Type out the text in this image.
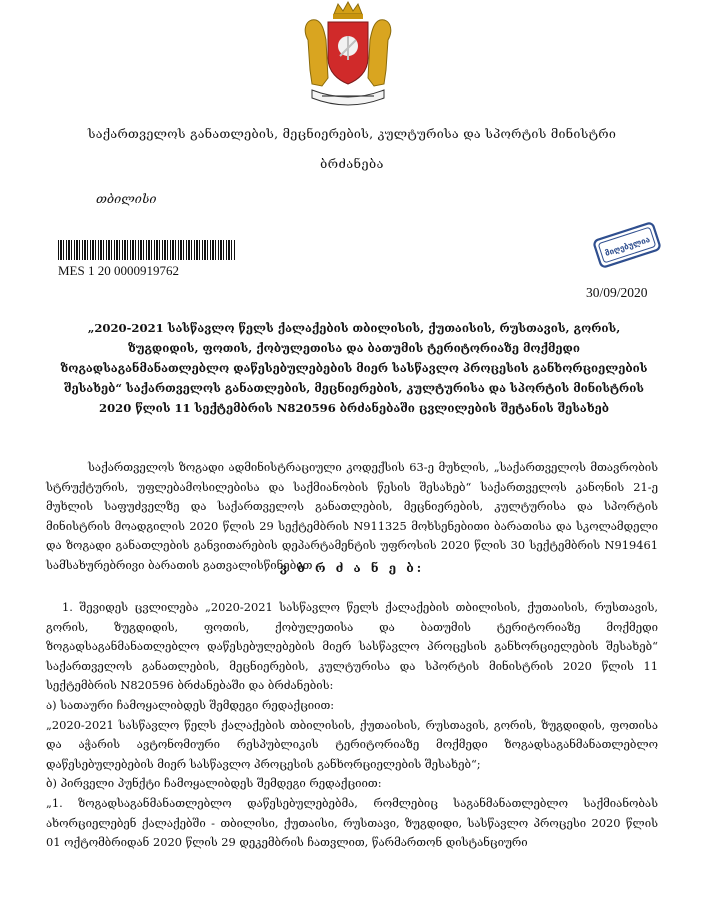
საქართველოს განათლების, მეცნიერების, კულტურისა და სპორტის მინისტრი
ბრძანება
თბილისი
MES 1 20 0000919762
მიღებულია
30/09/2020
„2020-2021 სასწავლო წელს ქალაქების თბილისის, ქუთაისის, რუსთავის, გორის, ზუგდიდის, ფოთის, ქობულეთისა და ბათუმის ტერიტორიაზე მოქმედი ზოგადსაგანმანათლებლო დაწესებულებების მიერ სასწავლო პროცესის განხორციელების შესახებ“ საქართველოს განათლების, მეცნიერების, კულტურისა და სპორტის მინისტრის 2020 წლის 11 სექტემბრის N820596 ბრძანებაში ცვლილების შეტანის შესახებ
საქართველოს ზოგადი ადმინისტრაციული კოდექსის 63-ე მუხლის, „საქართველოს მთავრობის სტრუქტურის, უფლებამოსილებისა და საქმიანობის წესის შესახებ“ საქართველოს კანონის 21-ე მუხლის საფუძველზე და საქართველოს განათლების, მეცნიერების, კულტურისა და სპორტის მინისტრის მოადგილის 2020 წლის 29 სექტემბრის N911325 მოხსენებითი ბარათისა და სკოლამდელი და ზოგადი განათლების განვითარების დეპარტამენტის უფროსის 2020 წლის 30 სექტემბრის N919461 სამსახურებრივი ბარათის გათვალისწინებით
ვ ბ რ ძ ა ნ ე ბ:
1. შევიდეს ცვლილება „2020-2021 სასწავლო წელს ქალაქების თბილისის, ქუთაისის, რუსთავის, გორის, ზუგდიდის, ფოთის, ქობულეთისა და ბათუმის ტერიტორიაზე მოქმედი ზოგადსაგანმანათლებლო დაწესებულებების მიერ სასწავლო პროცესის განხორციელების შესახებ“ საქართველოს განათლების, მეცნიერების, კულტურისა და სპორტის მინისტრის 2020 წლის 11 სექტემბრის N820596 ბრძანებაში და ბრძანების:
ა) სათაური ჩამოყალიბდეს შემდეგი რედაქციით:
„2020-2021 სასწავლო წელს ქალაქების თბილისის, ქუთაისის, რუსთავის, გორის, ზუგდიდის, ფოთისა და აჭარის ავტონომიური რესპუბლიკის ტერიტორიაზე მოქმედი ზოგადსაგანმანათლებლო დაწესებულებების მიერ სასწავლო პროცესის განხორციელების შესახებ“;
ბ) პირველი პუნქტი ჩამოყალიბდეს შემდეგი რედაქციით:
„1. ზოგადსაგანმანათლებლო დაწესებულებებმა, რომლებიც საგანმანათლებლო საქმიანობას ახორციელებენ ქალაქებში - თბილისი, ქუთაისი, რუსთავი, ზუგდიდი, სასწავლო პროცესი 2020 წლის 01 ოქტომბრიდან 2020 წლის 29 დეკემბრის ჩათვლით, წარმართონ დისტანციური
